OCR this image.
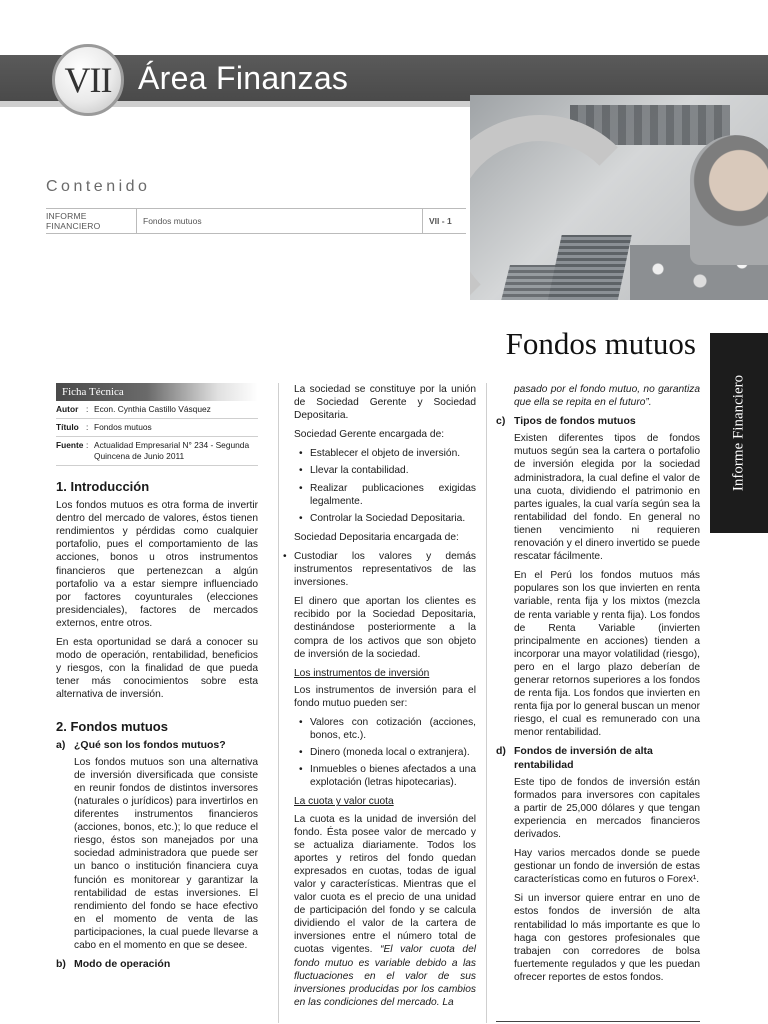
VII Área Finanzas
Contenido
INFORME FINANCIERO	Fondos mutuos	VII - 1
Fondos mutuos
Informe Financiero
Ficha Técnica
Autor : Econ. Cynthia Castillo Vásquez
Título : Fondos mutuos
Fuente : Actualidad Empresarial N° 234 - Segunda Quincena de Junio 2011
1. Introducción

Los fondos mutuos es otra forma de invertir dentro del mercado de valores, éstos tienen rendimientos y pérdidas como cualquier portafolio, pues el comportamiento de las acciones, bonos u otros instrumentos financieros que pertenezcan a algún portafolio va a estar siempre influenciado por factores coyunturales (elecciones presidenciales), factores de mercados externos, entre otros.

En esta oportunidad se dará a conocer su modo de operación, rentabilidad, beneficios y riesgos, con la finalidad de que pueda tener más conocimientos sobre esta alternativa de inversión.

2. Fondos mutuos
a) ¿Qué son los fondos mutuos?

Los fondos mutuos son una alternativa de inversión diversificada que consiste en reunir fondos de distintos inversores (naturales o jurídicos) para invertirlos en diferentes instrumentos financieros (acciones, bonos, etc.); lo que reduce el riesgo, éstos son manejados por una sociedad administradora que puede ser un banco o institución financiera cuya función es monitorear y garantizar la rentabilidad de estas inversiones. El rendimiento del fondo se hace efectivo en el momento de venta de las participaciones, la cual puede llevarse a cabo en el momento en que se desee.

b) Modo de operación

La sociedad se constituye por la unión de Sociedad Gerente y Sociedad Depositaria.

Sociedad Gerente encargada de:

• Establecer el objeto de inversión.
• Llevar la contabilidad.
• Realizar publicaciones exigidas legalmente.
• Controlar la Sociedad Depositaria.

Sociedad Depositaria encargada de:

• Custodiar los valores y demás instrumentos representativos de las inversiones.

El dinero que aportan los clientes es recibido por la Sociedad Depositaria, destinándose posteriormente a la compra de los activos que son objeto de inversión de la sociedad.

Los instrumentos de inversión

Los instrumentos de inversión para el fondo mutuo pueden ser:

• Valores con cotización (acciones, bonos, etc.).
• Dinero (moneda local o extranjera).
• Inmuebles o bienes afectados a una explotación (letras hipotecarias).
La cuota y valor cuota

La cuota es la unidad de inversión del fondo. Ésta posee valor de mercado y se actualiza diariamente. Todos los aportes y retiros del fondo quedan expresados en cuotas, todas de igual valor y características. Mientras que el valor cuota es el precio de una unidad de participación del fondo y se calcula dividiendo el valor de la cartera de inversiones entre el número total de cuotas vigentes. “El valor cuota del fondo mutuo es variable debido a las fluctuaciones en el valor de sus inversiones producidas por los cambios en las condiciones del mercado. La

pasado por el fondo mutuo, no garantiza que ella se repita en el futuro”.

c) Tipos de fondos mutuos

Existen diferentes tipos de fondos mutuos según sea la cartera o portafolio de inversión elegida por la sociedad administradora, la cual define el valor de una cuota, dividiendo el patrimonio en partes iguales, la cual varía según sea la rentabilidad del fondo. En general no tienen vencimiento ni requieren renovación y el dinero invertido se puede rescatar fácilmente.

En el Perú los fondos mutuos más populares son los que invierten en renta variable, renta fija y los mixtos (mezcla de renta variable y renta fija). Los fondos de Renta Variable (invierten principalmente en acciones) tienden a incorporar una mayor volatilidad (riesgo), pero en el largo plazo deberían de generar retornos superiores a los fondos de renta fija. Los fondos que invierten en renta fija por lo general buscan un menor riesgo, el cual es remunerado con una menor rentabilidad.

d) Fondos de inversión de alta rentabilidad

Este tipo de fondos de inversión están formados para inversores con capitales a partir de 25,000 dólares y que tengan experiencia en mercados financieros derivados.

Hay varios mercados donde se puede gestionar un fondo de inversión de estas características como en futuros o Forex¹.

Si un inversor quiere entrar en uno de estos fondos de inversión de alta rentabilidad lo más importante es que lo haga con gestores profesionales que trabajen con corredores de bolsa fuertemente regulados y que les puedan ofrecer reportes de estos fondos.
